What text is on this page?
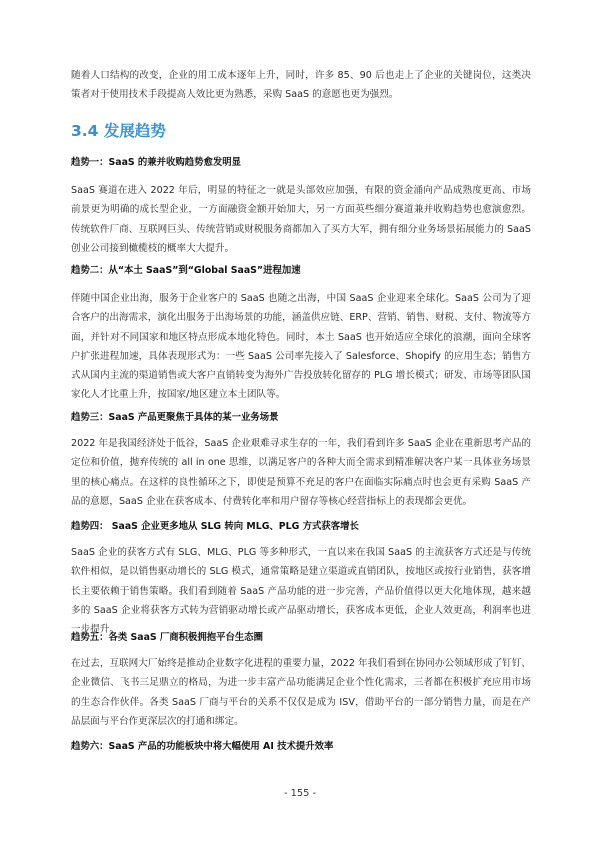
随着人口结构的改变，企业的用工成本逐年上升，同时，许多 85、90 后也走上了企业的关键岗位，这类决策者对于使用技术手段提高人效比更为熟悉，采购 SaaS 的意愿也更为强烈。

3.4 发展趋势

趋势一：SaaS 的兼并收购趋势愈发明显

SaaS 赛道在进入 2022 年后，明显的特征之一就是头部效应加强，有限的资金涌向产品成熟度更高、市场前景更为明确的成长型企业，一方面融资金额开始加大，另一方面英些细分赛道兼并收购趋势也愈演愈烈。传统软件厂商、互联网巨头、传统营销或财税服务商都加入了买方大军，拥有细分业务场景拓展能力的 SaaS 创业公司接到橄榄枝的概率大大提升。

趋势二：从“本土 SaaS”到“Global SaaS”进程加速

伴随中国企业出海，服务于企业客户的 SaaS 也随之出海，中国 SaaS 企业迎来全球化。SaaS 公司为了迎合客户的出海需求，演化出服务于出海场景的功能，涵盖供应链、ERP、营销、销售、财税、支付、物流等方面，并针对不同国家和地区特点形成本地化特色。同时，本土 SaaS 也开始适应全球化的浪潮，面向全球客户扩张进程加速，具体表现形式为：一些 SaaS 公司率先接入了 Salesforce、Shopify 的应用生态；销售方式从国内主流的渠道销售或大客户直销转变为海外广告投放转化留存的 PLG 增长模式；研发、市场等团队国家化人才比重上升，按国家/地区建立本土团队等。

趋势三：SaaS 产品更聚焦于具体的某一业务场景

2022 年是我国经济处于低谷，SaaS 企业艰难寻求生存的一年，我们看到许多 SaaS 企业在重新思考产品的定位和价值，抛弃传统的 all in one 思维，以满足客户的各种大而全需求到精准解决客户某一具体业务场景里的核心痛点。在这样的良性循环之下，即使是预算不充足的客户在面临实际痛点时也会更有采购 SaaS 产品的意愿，SaaS 企业在获客成本、付费转化率和用户留存等核心经营指标上的表现都会更优。

趋势四： SaaS 企业更多地从 SLG 转向 MLG、PLG 方式获客增长

SaaS 企业的获客方式有 SLG、MLG、PLG 等多种形式，一直以来在我国 SaaS 的主流获客方式还是与传统软件相似，是以销售驱动增长的 SLG 模式，通常策略是建立渠道或直销团队，按地区或按行业销售，获客增长主要依赖于销售策略。我们看到随着 SaaS 产品功能的进一步完善，产品价值得以更大化地体现，越来越多的 SaaS 企业将获客方式转为营销驱动增长或产品驱动增长，获客成本更低，企业人效更高，利润率也进一步提升。

趋势五：各类 SaaS 厂商积极拥抱平台生态圈

在过去，互联网大厂始终是推动企业数字化进程的重要力量，2022 年我们看到在协同办公领域形成了钉钉、企业微信、飞书三足鼎立的格局，为进一步丰富产品功能满足企业个性化需求，三者都在积极扩充应用市场的生态合作伙伴。各类 SaaS 厂商与平台的关系不仅仅是成为 ISV，借助平台的一部分销售力量，而是在产品层面与平台作更深层次的打通和绑定。

趋势六：SaaS 产品的功能板块中将大幅使用 AI 技术提升效率

- 155 -
